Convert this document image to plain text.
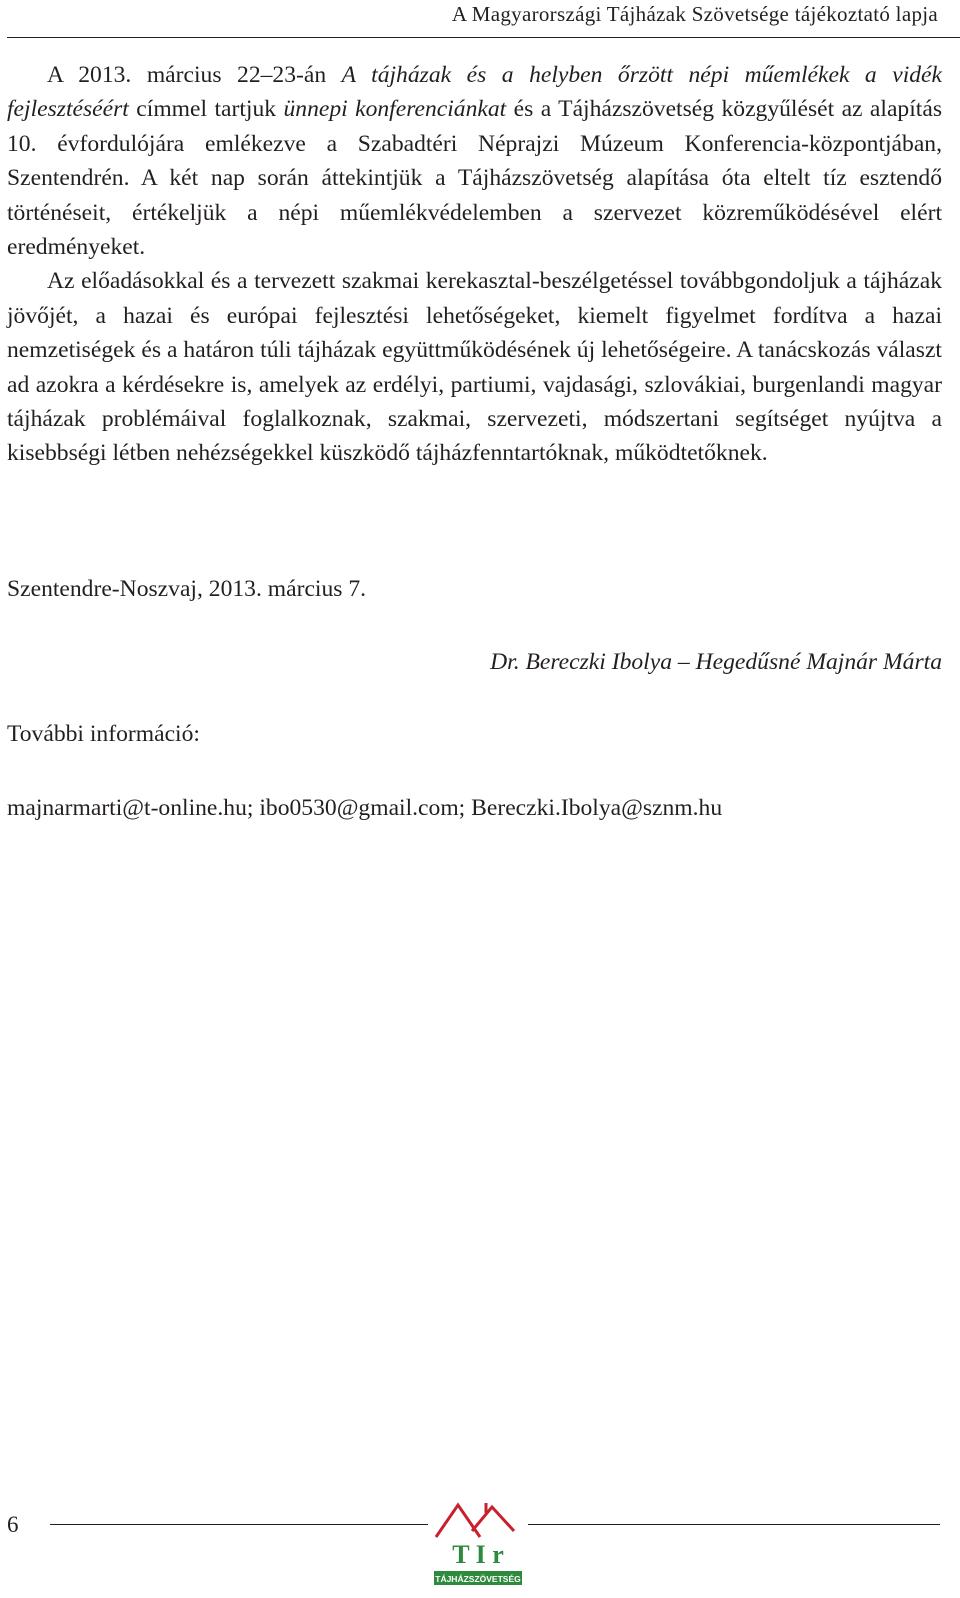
A Magyarországi Tájházak Szövetsége tájékoztató lapja

A 2013. március 22–23-án A tájházak és a helyben őrzött népi műemlékek a vidék fejlesztéséért címmel tartjuk ünnepi konferenciánkat és a Tájházszövetség közgyűlését az alapítás 10. évfordulójára emlékezve a Szabadtéri Néprajzi Múzeum Konferencia-központjában, Szentendrén. A két nap során áttekintjük a Tájházszövetség alapítása óta eltelt tíz esztendő történéseit, értékeljük a népi műemlékvédelemben a szervezet közreműködésével elért eredményeket.

Az előadásokkal és a tervezett szakmai kerekasztal-beszélgetéssel továbbgondoljuk a tájházak jövőjét, a hazai és európai fejlesztési lehetőségeket, kiemelt figyelmet fordítva a hazai nemzetiségek és a határon túli tájházak együttműködésének új lehetőségeire. A tanácskozás választ ad azokra a kérdésekre is, amelyek az erdélyi, partiumi, vajdasági, szlovákiai, burgenlandi magyar tájházak problémáival foglalkoznak, szakmai, szervezeti, módszertani segítséget nyújtva a kisebbségi létben nehézségekkel küszködő tájházfenntartóknak, működtetőknek.

Szentendre-Noszvaj, 2013. március 7.
Dr. Bereczki Ibolya – Hegedűsné Majnár Márta
További információ:
majnarmarti@t-online.hu; ibo0530@gmail.com; Bereczki.Ibolya@sznm.hu
6
T I r
TÁJHÁZSZÖVETSÉG
